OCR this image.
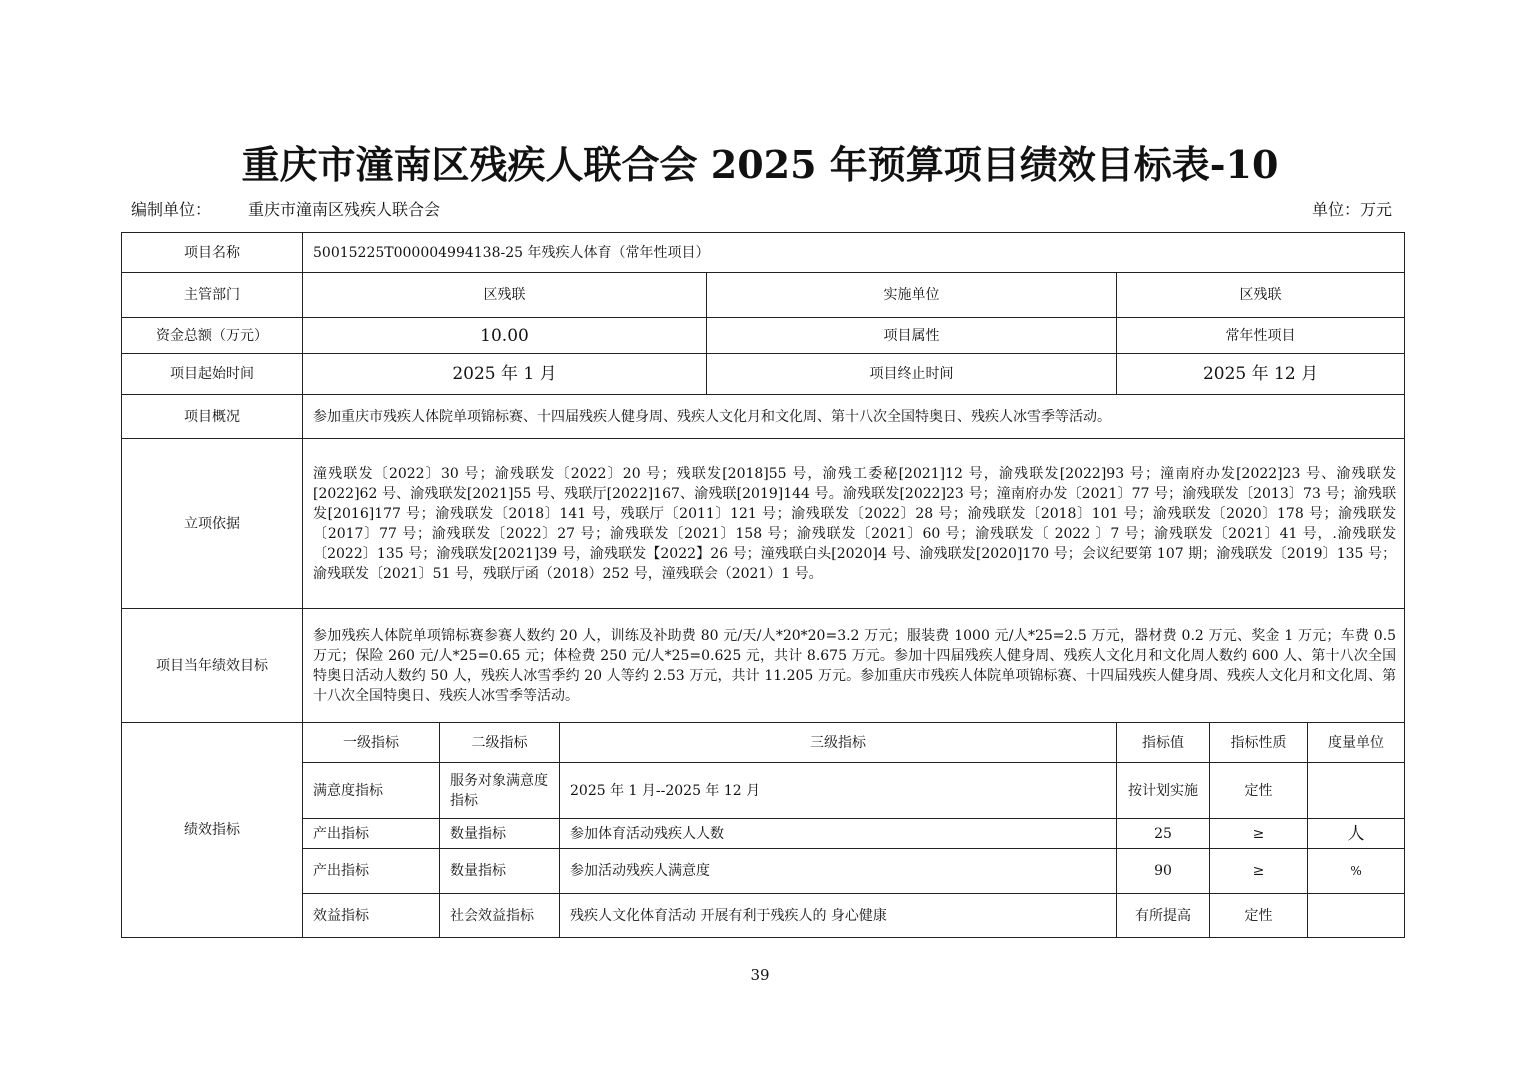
重庆市潼南区残疾人联合会 2025 年预算项目绩效目标表-10
编制单位： 重庆市潼南区残疾人联合会	单位：万元
项目名称	50015225T000004994138-25 年残疾人体育（常年性项目）						
主管部门	区残联			实施单位	区残联		
资金总额（万元）	10.00			项目属性	常年性项目		
项目起始时间	2025 年 1 月			项目终止时间	2025 年 12 月		
项目概况	参加重庆市残疾人体院单项锦标赛、十四届残疾人健身周、残疾人文化月和文化周、第十八次全国特奥日、残疾人冰雪季等活动。						
立项依据	潼残联发〔2022〕30 号；渝残联发〔2022〕20 号；残联发[2018]55 号，渝残工委秘[2021]12 号，渝残联发[2022]93 号；潼南府办发[2022]23 号、渝残联发[2022]62 号、渝残联发[2021]55 号、残联厅[2022]167、渝残联[2019]144 号。渝残联发[2022]23 号；潼南府办发〔2021〕77 号；渝残联发〔2013〕73 号；渝残联发[2016]177 号；渝残联发〔2018〕141 号，残联厅〔2011〕121 号；渝残联发〔2022〕28 号；渝残联发〔2018〕101 号；渝残联发〔2020〕178 号；渝残联发〔2017〕77 号；渝残联发〔2022〕27 号；渝残联发〔2021〕158 号；渝残联发〔2021〕60 号；渝残联发〔 2022 〕7 号；渝残联发〔2021〕41 号，.渝残联发〔2022〕135 号；渝残联发[2021]39 号，渝残联发【2022】26 号；潼残联白头[2020]4 号、渝残联发[2020]170 号；会议纪要第 107 期；渝残联发〔2019〕135 号；渝残联发〔2021〕51 号，残联厅函（2018）252 号，潼残联会（2021）1 号。						
项目当年绩效目标	参加残疾人体院单项锦标赛参赛人数约 20 人，训练及补助费 80 元/天/人*20*20=3.2 万元；服装费 1000 元/人*25=2.5 万元，器材费 0.2 万元、奖金 1 万元；车费 0.5 万元；保险 260 元/人*25=0.65 元；体检费 250 元/人*25=0.625 元，共计 8.675 万元。参加十四届残疾人健身周、残疾人文化月和文化周人数约 600 人、第十八次全国特奥日活动人数约 50 人，残疾人冰雪季约 20 人等约 2.53 万元，共计 11.205 万元。参加重庆市残疾人体院单项锦标赛、十四届残疾人健身周、残疾人文化月和文化周、第十八次全国特奥日、残疾人冰雪季等活动。						
绩效指标	一级指标	二级指标	三级指标		指标值	指标性质	度量单位
	满意度指标	服务对象满意度指标	2025 年 1 月--2025 年 12 月		按计划实施	定性	
	产出指标	数量指标	参加体育活动残疾人人数		25	≥	人
	产出指标	数量指标	参加活动残疾人满意度		90	≥	%
	效益指标	社会效益指标	残疾人文化体育活动 开展有利于残疾人的 身心健康		有所提高	定性	
39
